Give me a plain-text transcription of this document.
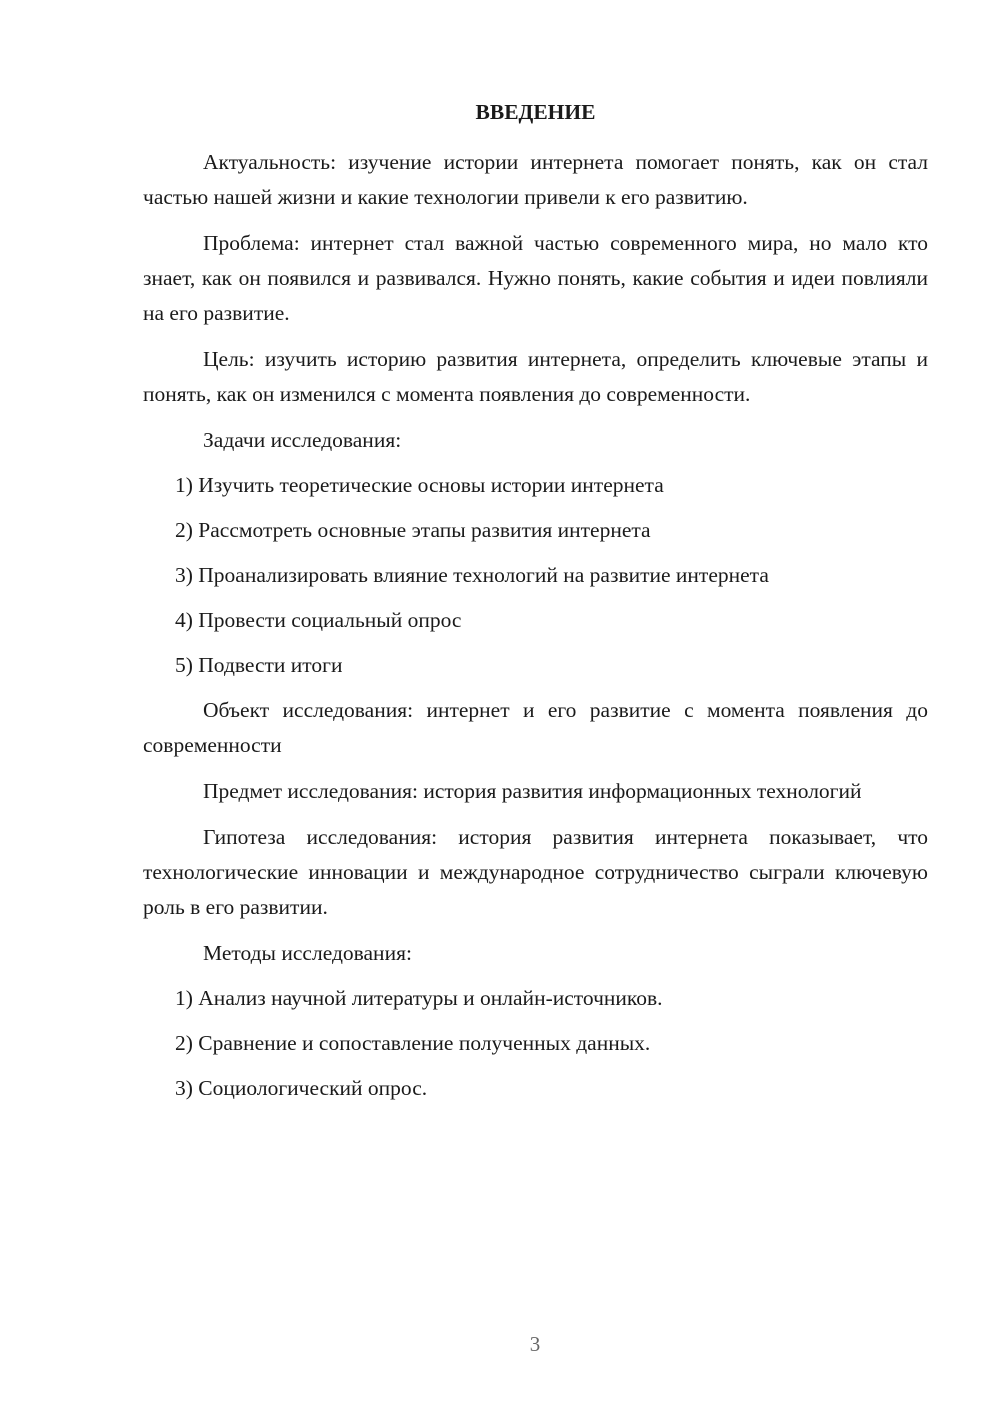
ВВЕДЕНИЕ

Актуальность: изучение истории интернета помогает понять, как он стал частью нашей жизни и какие технологии привели к его развитию.

Проблема: интернет стал важной частью современного мира, но мало кто знает, как он появился и развивался. Нужно понять, какие события и идеи повлияли на его развитие.

Цель: изучить историю развития интернета, определить ключевые этапы и понять, как он изменился с момента появления до современности.

Задачи исследования:

1) Изучить теоретические основы истории интернета
2) Рассмотреть основные этапы развития интернета
3) Проанализировать влияние технологий на развитие интернета
4) Провести социальный опрос
5) Подвести итоги

Объект исследования: интернет и его развитие с момента появления до современности

Предмет исследования: история развития информационных технологий

Гипотеза исследования: история развития интернета показывает, что технологические инновации и международное сотрудничество сыграли ключевую роль в его развитии.

Методы исследования:

1) Анализ научной литературы и онлайн-источников.
2) Сравнение и сопоставление полученных данных.
3) Социологический опрос.
3
